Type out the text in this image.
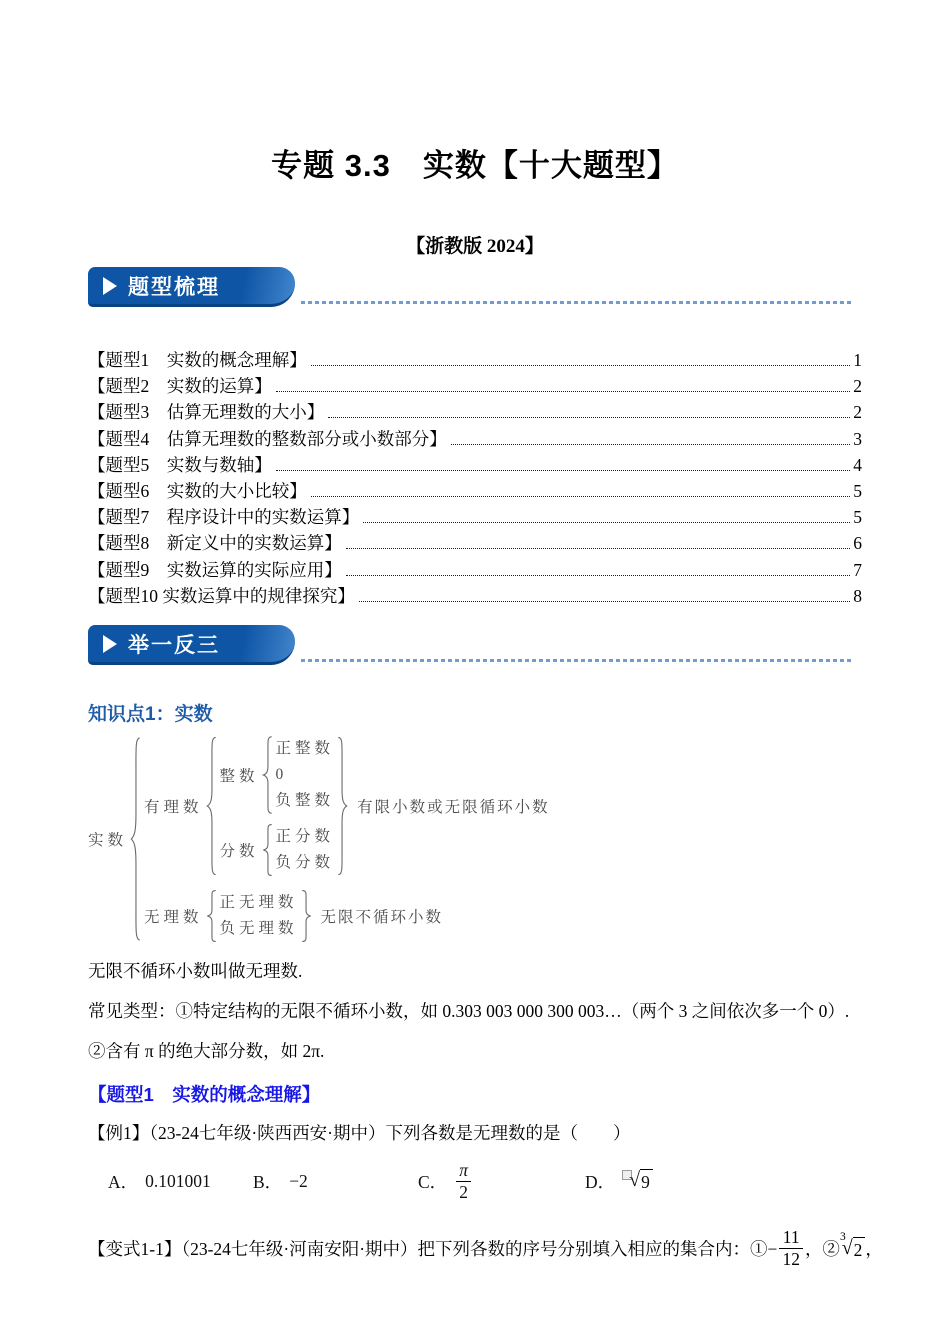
专题 3.3　实数【十大题型】
【浙教版 2024】
题型梳理
【题型1　实数的概念理解】	1
【题型2　实数的运算】	2
【题型3　估算无理数的大小】	2
【题型4　估算无理数的整数部分或小数部分】	3
【题型5　实数与数轴】	4
【题型6　实数的大小比较】	5
【题型7　程序设计中的实数运算】	5
【题型8　新定义中的实数运算】	6
【题型9　实数运算的实际应用】	7
【题型10 实数运算中的规律探究】	8
举一反三
知识点1：实数
实数
有理数
整数
正整数
0
负整数
分数
正分数
负分数
有限小数或无限循环小数
无理数
正无理数
负无理数
无限不循环小数

无限不循环小数叫做无理数.

常见类型：①特定结构的无限不循环小数，如 0.303 003 000 300 003…（两个 3 之间依次多一个 0）.

②含有 π 的绝大部分数，如 2π.

【题型1　实数的概念理解】

【例1】（23-24七年级·陕西西安·期中）下列各数是无理数的是（　　）

A． 0.101001 B． −2	C． $\frac{\pi}{2}$	D． √ 9
【变式1-1】（23-24七年级·河南安阳·期中）把下列各数的序号分别填入相应的集合内：①− $\frac{11}{12}$ ，②
3
√
2 ，
